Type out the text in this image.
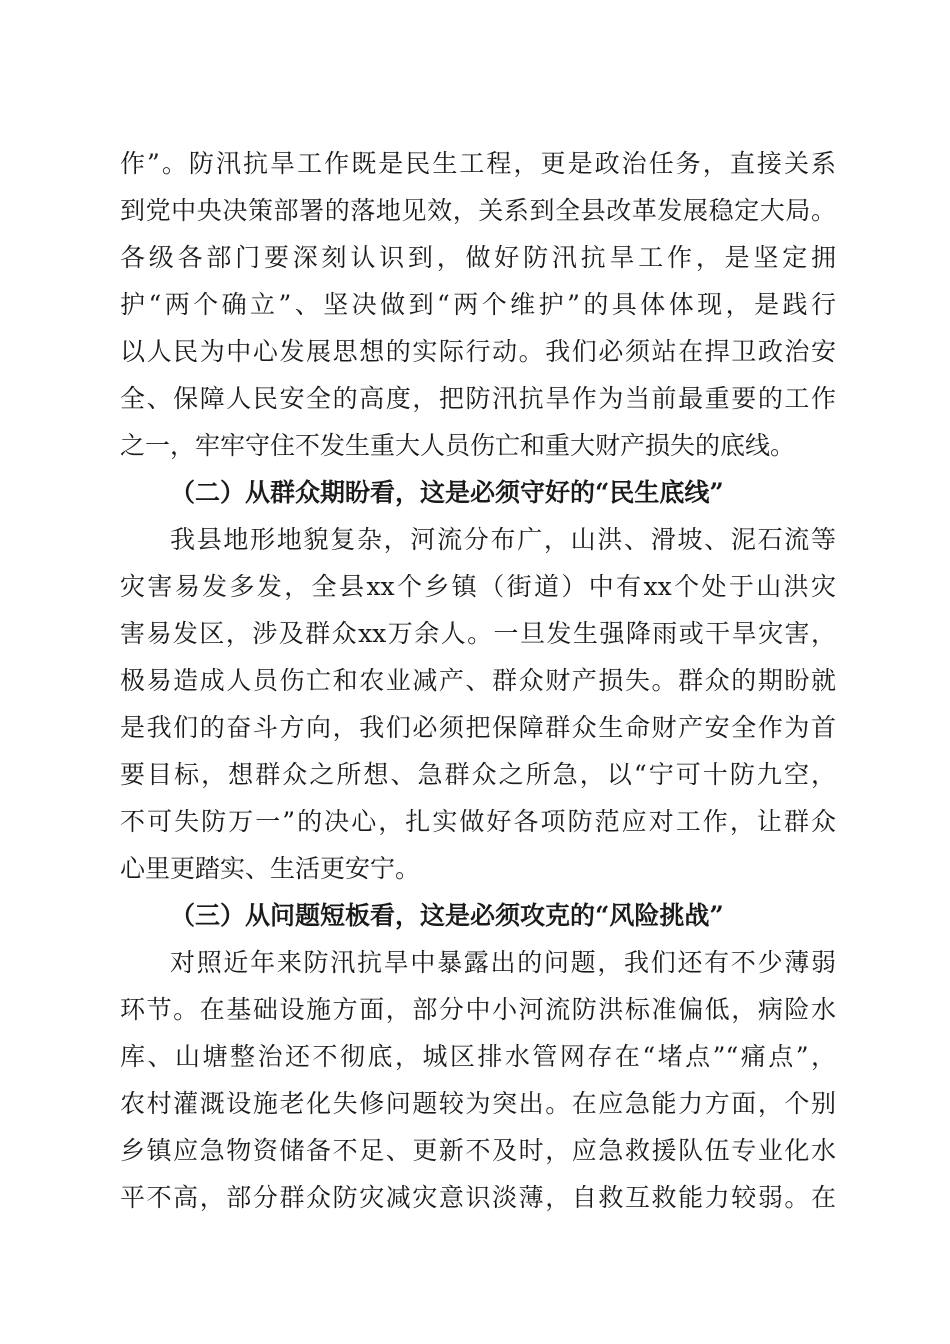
作”。防汛抗旱工作既是民生工程，更是政治任务，直接关系
到党中央决策部署的落地见效，关系到全县改革发展稳定大局。
各级各部门要深刻认识到，做好防汛抗旱工作，是坚定拥
护“两个确立”、坚决做到“两个维护”的具体体现，是践行
以人民为中心发展思想的实际行动。我们必须站在捍卫政治安
全、保障人民安全的高度，把防汛抗旱作为当前最重要的工作
之一，牢牢守住不发生重大人员伤亡和重大财产损失的底线。
（二）从群众期盼看，这是必须守好的“民生底线”
我县地形地貌复杂，河流分布广，山洪、滑坡、泥石流等
灾害易发多发，全县xx个乡镇（街道）中有xx个处于山洪灾
害易发区，涉及群众xx万余人。一旦发生强降雨或干旱灾害，
极易造成人员伤亡和农业减产、群众财产损失。群众的期盼就
是我们的奋斗方向，我们必须把保障群众生命财产安全作为首
要目标，想群众之所想、急群众之所急，以“宁可十防九空，
不可失防万一”的决心，扎实做好各项防范应对工作，让群众
心里更踏实、生活更安宁。
（三）从问题短板看，这是必须攻克的“风险挑战”
对照近年来防汛抗旱中暴露出的问题，我们还有不少薄弱
环节。在基础设施方面，部分中小河流防洪标准偏低，病险水
库、山塘整治还不彻底，城区排水管网存在“堵点”“痛点”，
农村灌溉设施老化失修问题较为突出。在应急能力方面，个别
乡镇应急物资储备不足、更新不及时，应急救援队伍专业化水
平不高，部分群众防灾减灾意识淡薄，自救互救能力较弱。在
